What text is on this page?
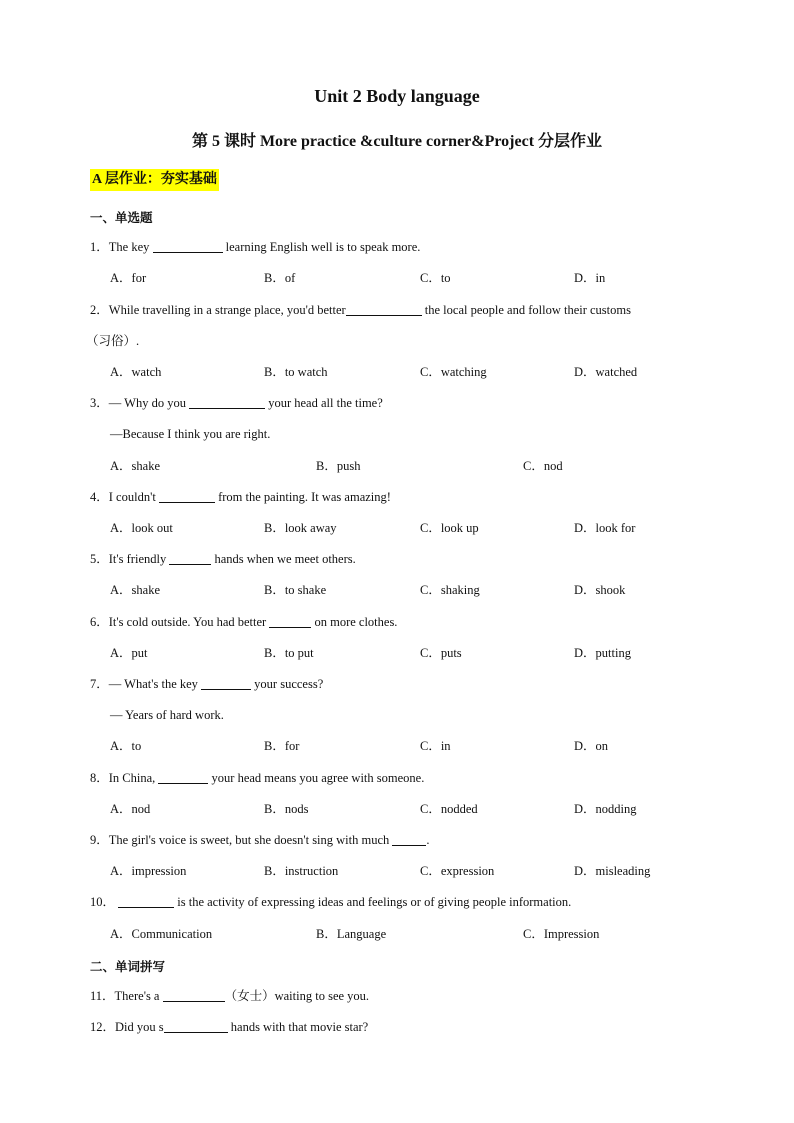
Unit 2 Body language
第 5 课时 More practice &culture corner&Project 分层作业
A 层作业：夯实基础
一、单选题
1．The key	learning English well is to speak more.
A．for	B．of	C．to	D．in
2．While travelling in a strange place, you'd better	the local people and follow their customs
（习俗）.
A．watch	B．to watch	C．watching	D．watched
3．— Why do you	your head all the time?
—Because I think you are right.
A．shake	B．push	C．nod
4．I couldn't	from the painting. It was amazing!
A．look out	B．look away	C．look up	D．look for
5．It's friendly	hands when we meet others.
A．shake	B．to shake	C．shaking	D．shook
6．It's cold outside. You had better	on more clothes.
A．put	B．to put	C．puts	D．putting
7．— What's the key	your success?
— Years of hard work.
A．to	B．for	C．in	D．on
8．In China,	your head means you agree with someone.
A．nod	B．nods	C．nodded	D．nodding
9．The girl's voice is sweet, but she doesn't sing with much	.
A．impression	B．instruction	C．expression	D．misleading
10．	is the activity of expressing ideas and feelings or of giving people information.
A．Communication	B．Language	C．Impression
二、单词拼写
11．There's a	（女士）waiting to see you.
12．Did you s	hands with that movie star?
